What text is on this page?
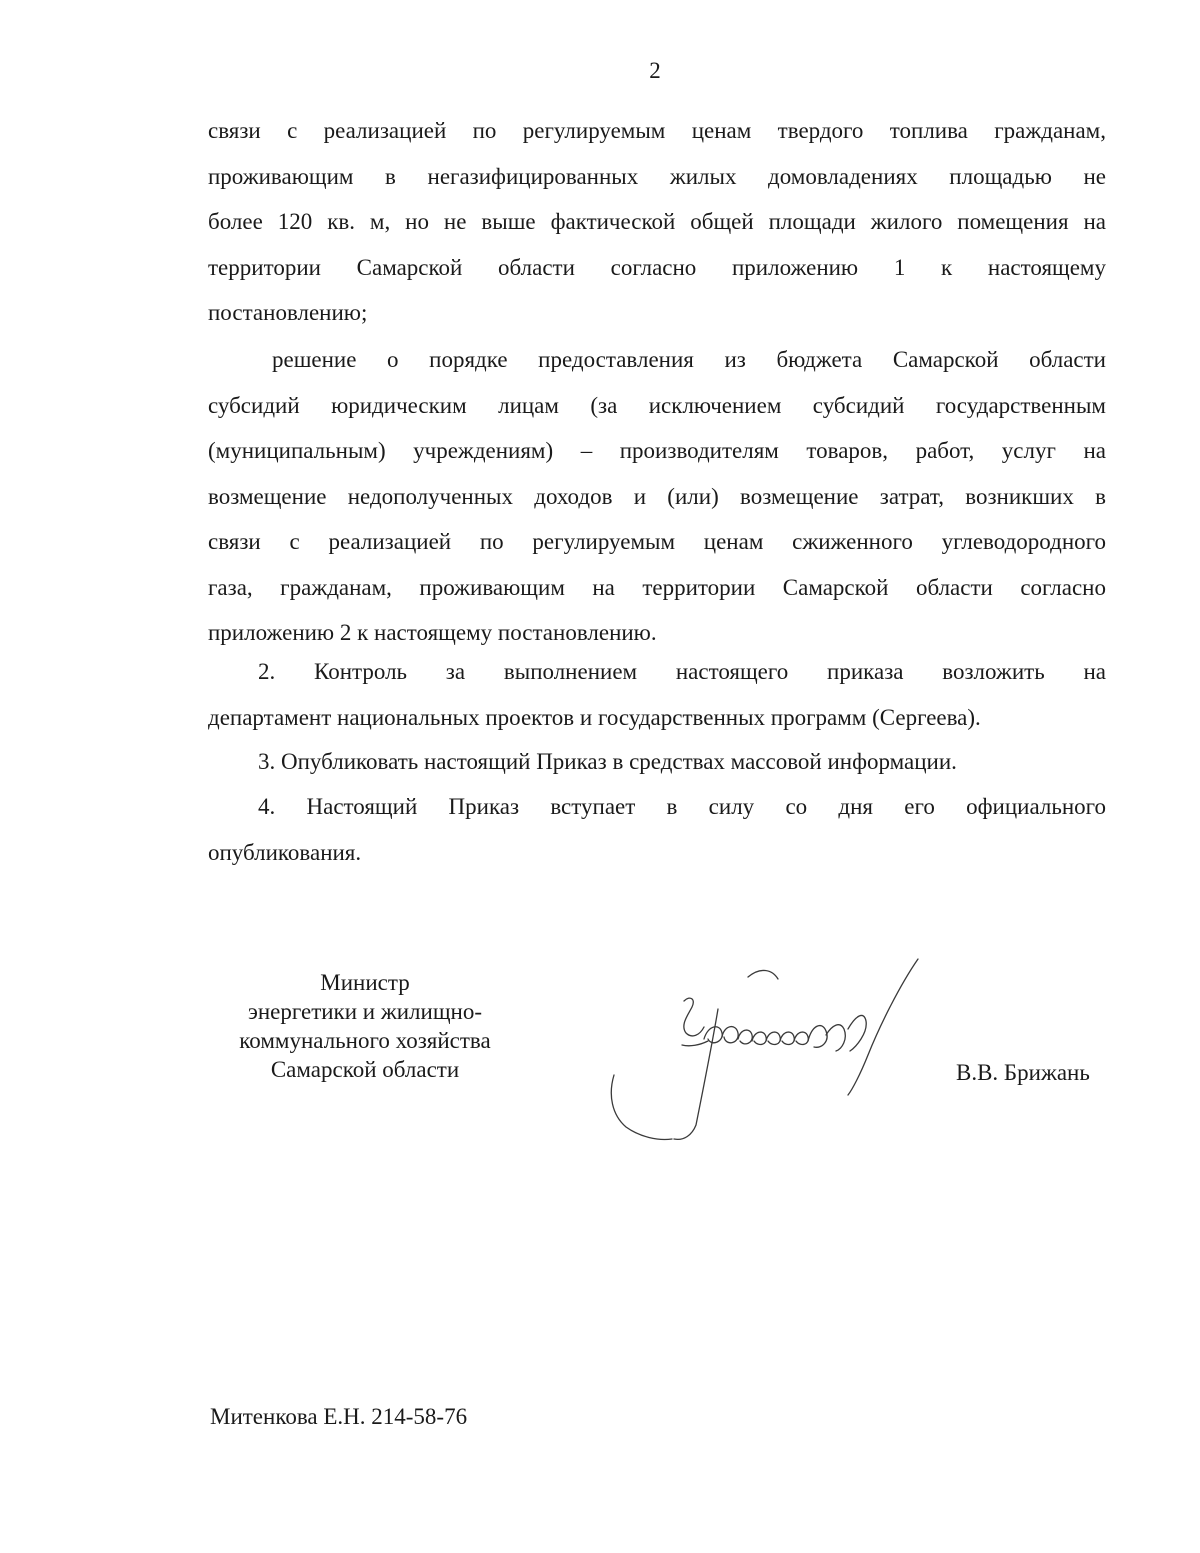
2

связи с реализацией по регулируемым ценам твердого топлива гражданам,
проживающим в негазифицированных жилых домовладениях площадью не
более 120 кв. м, но не выше фактической общей площади жилого помещения на
территории Самарской области согласно приложению 1 к настоящему
постановлению;

решение о порядке предоставления из бюджета Самарской области
субсидий юридическим лицам (за исключением субсидий государственным
(муниципальным) учреждениям) – производителям товаров, работ, услуг на
возмещение недополученных доходов и (или) возмещение затрат, возникших в
связи с реализацией по регулируемым ценам сжиженного углеводородного
газа, гражданам, проживающим на территории Самарской области согласно
приложению 2 к настоящему постановлению.

2. Контроль за выполнением настоящего приказа возложить на
департамент национальных проектов и государственных программ (Сергеева).

3. Опубликовать настоящий Приказ в средствах массовой информации.

4. Настоящий Приказ вступает в силу со дня его официального
опубликования.

Министр
энергетики и жилищно-
коммунального хозяйства
Самарской области	В.В. Брижань
Митенкова Е.Н. 214-58-76
